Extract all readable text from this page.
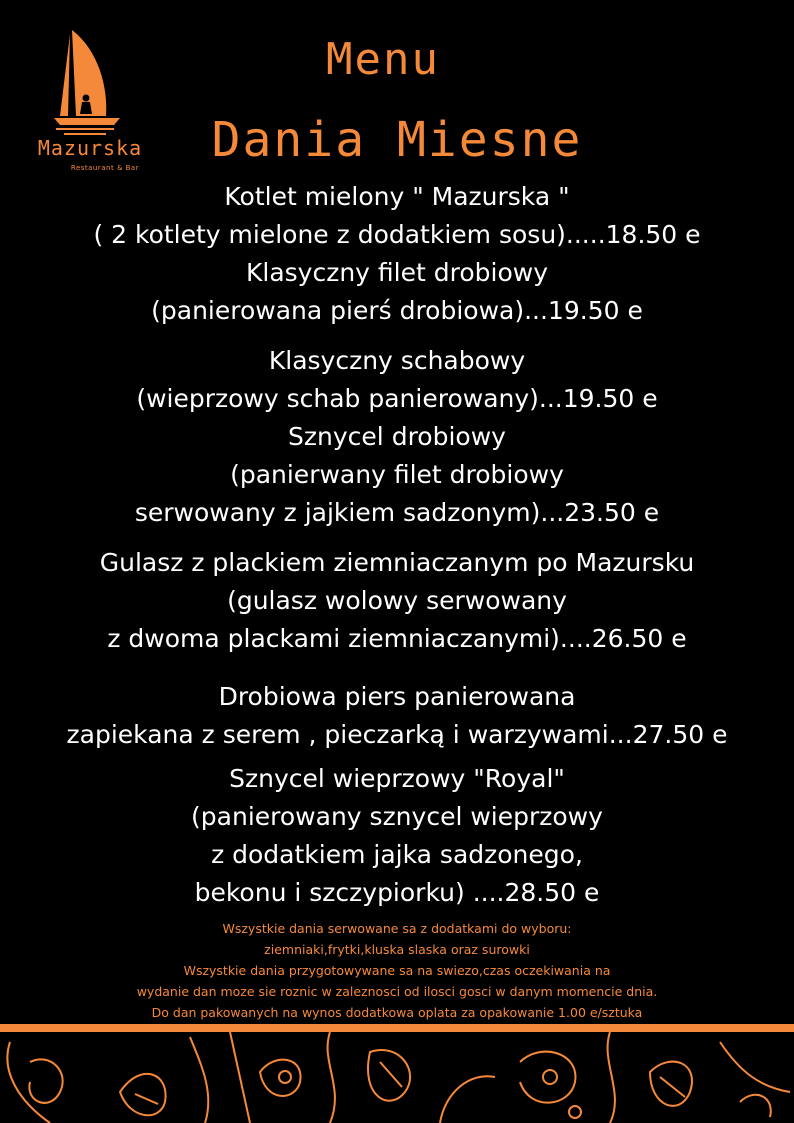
Mazurska
Restaurant & Bar
Menu
Dania Miesne
Kotlet mielony " Mazurska "
( 2 kotlety mielone z dodatkiem sosu).....18.50 e
Klasyczny filet drobiowy
(panierowana pierś drobiowa)...19.50 e
Klasyczny schabowy
(wieprzowy schab panierowany)...19.50 e
Sznycel drobiowy
(panierwany filet drobiowy
serwowany z jajkiem sadzonym)...23.50 e
Gulasz z plackiem ziemniaczanym po Mazursku
(gulasz wolowy serwowany
z dwoma plackami ziemniaczanymi)....26.50 e
Drobiowa piers panierowana
zapiekana z serem , pieczarką i warzywami...27.50 e
Sznycel wieprzowy "Royal"
(panierowany sznycel wieprzowy
z dodatkiem jajka sadzonego,
bekonu i szczypiorku) ....28.50 e
Wszystkie dania serwowane sa z dodatkami do wyboru:
ziemniaki,frytki,kluska slaska oraz surowki
Wszystkie dania przygotowywane sa na swiezo,czas oczekiwania na
wydanie dan moze sie roznic w zaleznosci od ilosci gosci w danym momencie dnia.
Do dan pakowanych na wynos dodatkowa oplata za opakowanie 1.00 e/sztuka
